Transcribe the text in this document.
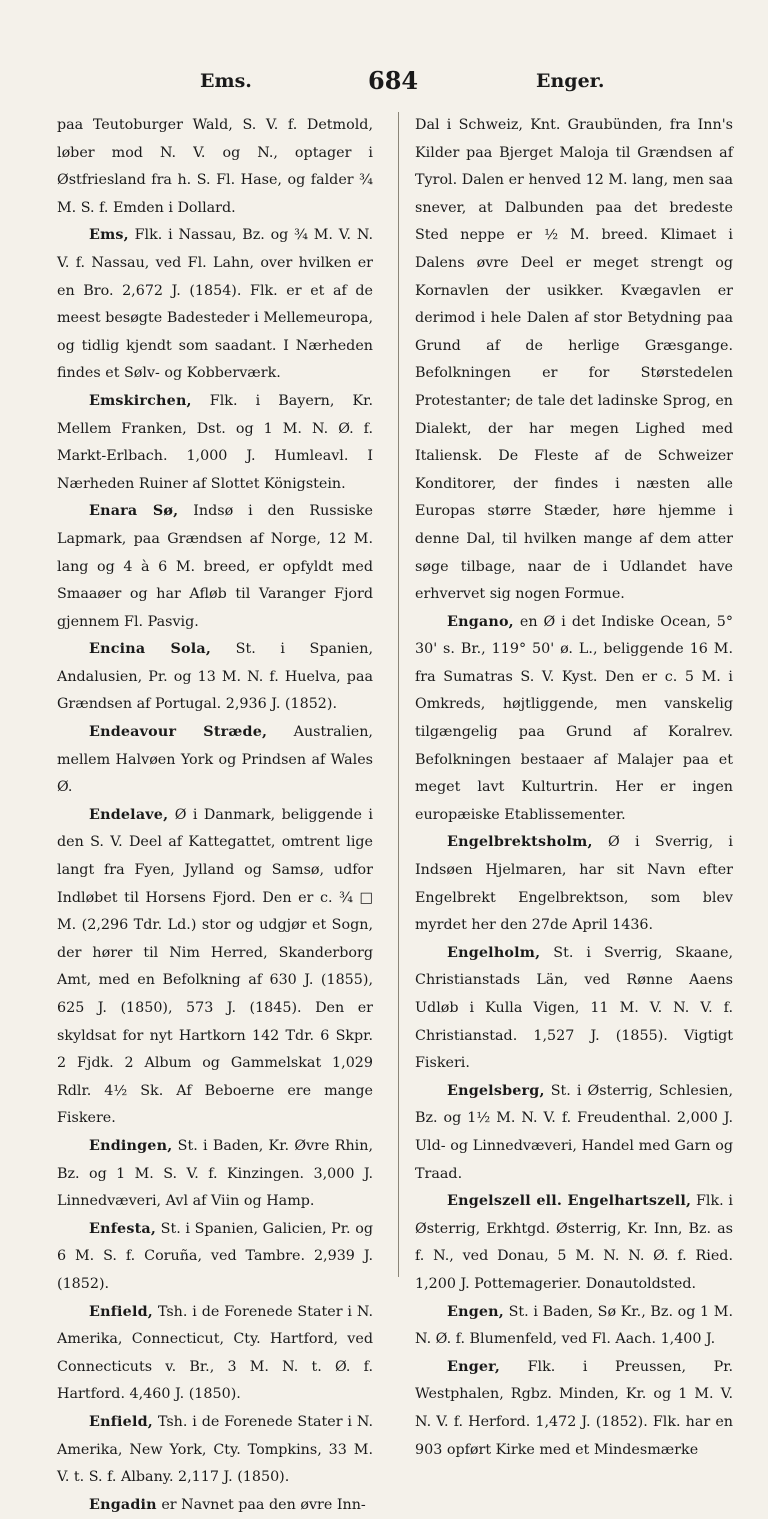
Ems.	684	Enger.

paa Teutoburger Wald, S. V. f. Detmold, løber mod N. V. og N., optager i Østfriesland fra h. S. Fl. Hase, og falder ¾ M. S. f. Emden i Dollard.

Ems, Flk. i Nassau, Bz. og ¾ M. V. N. V. f. Nassau, ved Fl. Lahn, over hvilken er en Bro. 2,672 J. (1854). Flk. er et af de meest besøgte Badesteder i Mellemeuropa, og tidlig kjendt som saadant. I Nærheden findes et Sølv- og Kobberværk.

Emskirchen, Flk. i Bayern, Kr. Mellem Franken, Dst. og 1 M. N. Ø. f. Markt-Erlbach. 1,000 J. Humleavl. I Nærheden Ruiner af Slottet Königstein.

Enara Sø, Indsø i den Russiske Lapmark, paa Grændsen af Norge, 12 M. lang og 4 à 6 M. breed, er opfyldt med Smaaøer og har Afløb til Varanger Fjord gjennem Fl. Pasvig.

Encina Sola, St. i Spanien, Andalusien, Pr. og 13 M. N. f. Huelva, paa Grændsen af Portugal. 2,936 J. (1852).

Endeavour Stræde, Australien, mellem Halvøen York og Prindsen af Wales Ø.

Endelave, Ø i Danmark, beliggende i den S. V. Deel af Kattegattet, omtrent lige langt fra Fyen, Jylland og Samsø, udfor Indløbet til Horsens Fjord. Den er c. ¾ □ M. (2,296 Tdr. Ld.) stor og udgjør et Sogn, der hører til Nim Herred, Skanderborg Amt, med en Befolkning af 630 J. (1855), 625 J. (1850), 573 J. (1845). Den er skyldsat for nyt Hartkorn 142 Tdr. 6 Skpr. 2 Fjdk. 2 Album og Gammelskat 1,029 Rdlr. 4½ Sk. Af Beboerne ere mange Fiskere.

Endingen, St. i Baden, Kr. Øvre Rhin, Bz. og 1 M. S. V. f. Kinzingen. 3,000 J. Linnedvæveri, Avl af Viin og Hamp.

Enfesta, St. i Spanien, Galicien, Pr. og 6 M. S. f. Coruña, ved Tambre. 2,939 J. (1852).

Enfield, Tsh. i de Forenede Stater i N. Amerika, Connecticut, Cty. Hartford, ved Connecticuts v. Br., 3 M. N. t. Ø. f. Hartford. 4,460 J. (1850).

Enfield, Tsh. i de Forenede Stater i N. Amerika, New York, Cty. Tompkins, 33 M. V. t. S. f. Albany. 2,117 J. (1850).

Engadin er Navnet paa den øvre Inn-

Dal i Schweiz, Knt. Graubünden, fra Inn's Kilder paa Bjerget Maloja til Grændsen af Tyrol. Dalen er henved 12 M. lang, men saa snever, at Dalbunden paa det bredeste Sted neppe er ½ M. breed. Klimaet i Dalens øvre Deel er meget strengt og Kornavlen der usikker. Kvægavlen er derimod i hele Dalen af stor Betydning paa Grund af de herlige Græsgange. Befolkningen er for Størstedelen Protestanter; de tale det ladinske Sprog, en Dialekt, der har megen Lighed med Italiensk. De Fleste af de Schweizer Konditorer, der findes i næsten alle Europas større Stæder, høre hjemme i denne Dal, til hvilken mange af dem atter søge tilbage, naar de i Udlandet have erhvervet sig nogen Formue.

Engano, en Ø i det Indiske Ocean, 5° 30' s. Br., 119° 50' ø. L., beliggende 16 M. fra Sumatras S. V. Kyst. Den er c. 5 M. i Omkreds, højtliggende, men vanskelig tilgængelig paa Grund af Koralrev. Befolkningen bestaaer af Malajer paa et meget lavt Kulturtrin. Her er ingen europæiske Etablissementer.

Engelbrektsholm, Ø i Sverrig, i Indsøen Hjelmaren, har sit Navn efter Engelbrekt Engelbrektson, som blev myrdet her den 27de April 1436.

Engelholm, St. i Sverrig, Skaane, Christianstads Län, ved Rønne Aaens Udløb i Kulla Vigen, 11 M. V. N. V. f. Christianstad. 1,527 J. (1855). Vigtigt Fiskeri.

Engelsberg, St. i Østerrig, Schlesien, Bz. og 1½ M. N. V. f. Freudenthal. 2,000 J. Uld- og Linnedvæveri, Handel med Garn og Traad.

Engelszell ell. Engelhartszell, Flk. i Østerrig, Erkhtgd. Østerrig, Kr. Inn, Bz. as f. N., ved Donau, 5 M. N. N. Ø. f. Ried. 1,200 J. Pottemagerier. Donautoldsted.

Engen, St. i Baden, Sø Kr., Bz. og 1 M. N. Ø. f. Blumenfeld, ved Fl. Aach. 1,400 J.

Enger, Flk. i Preussen, Pr. Westphalen, Rgbz. Minden, Kr. og 1 M. V. N. V. f. Herford. 1,472 J. (1852). Flk. har en 903 opført Kirke med et Mindesmærke
